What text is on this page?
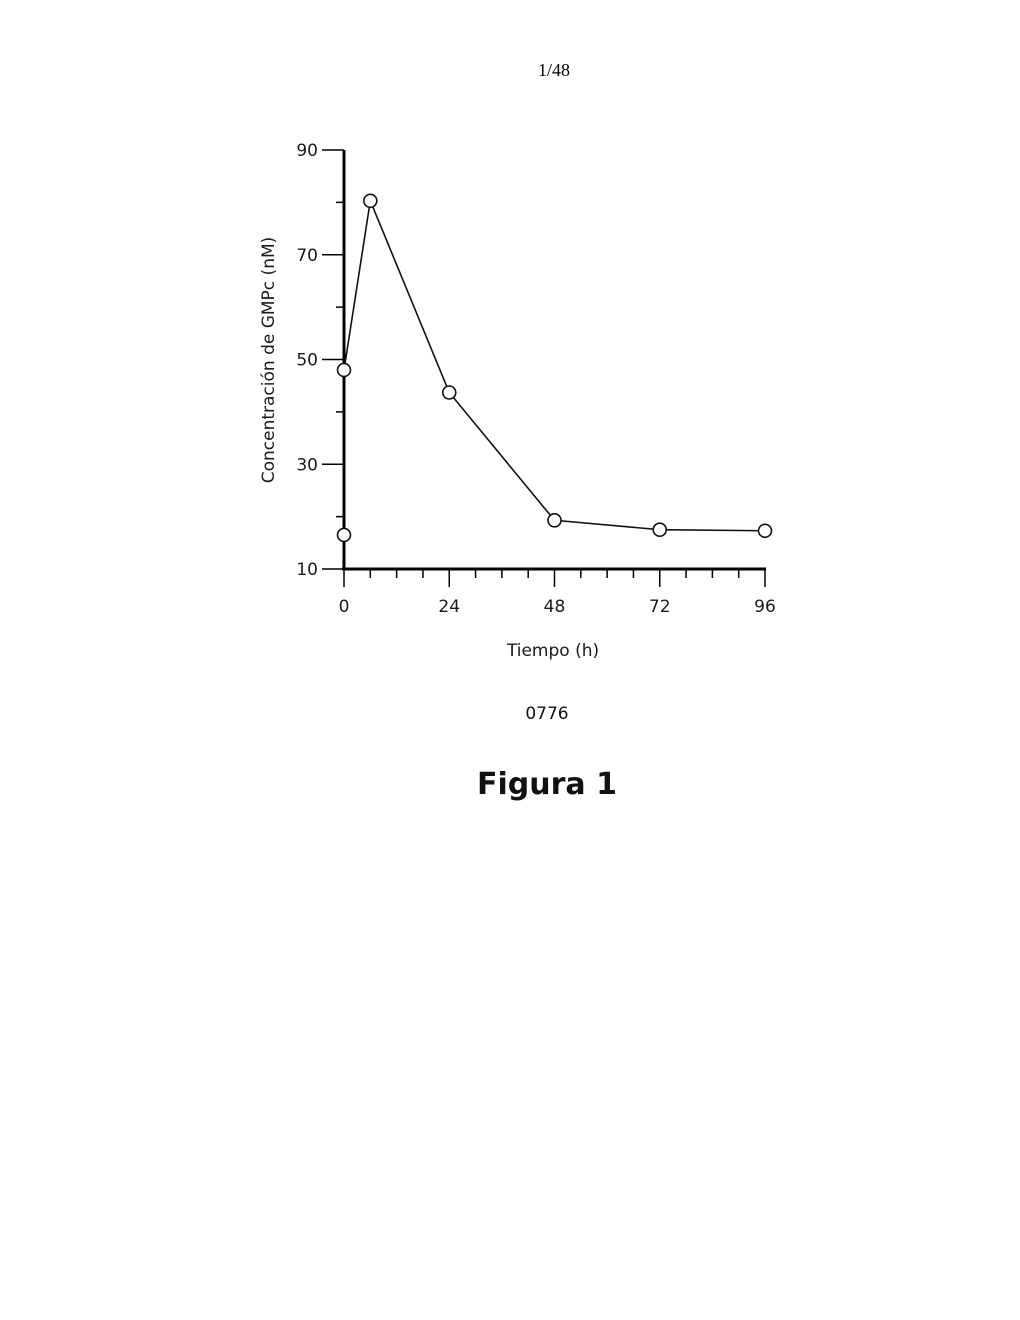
1/48
10
30
50
70
90
0	24	48	72	96
Concentración de GMPc (nM)
Tiempo (h)
0776
Figura 1
